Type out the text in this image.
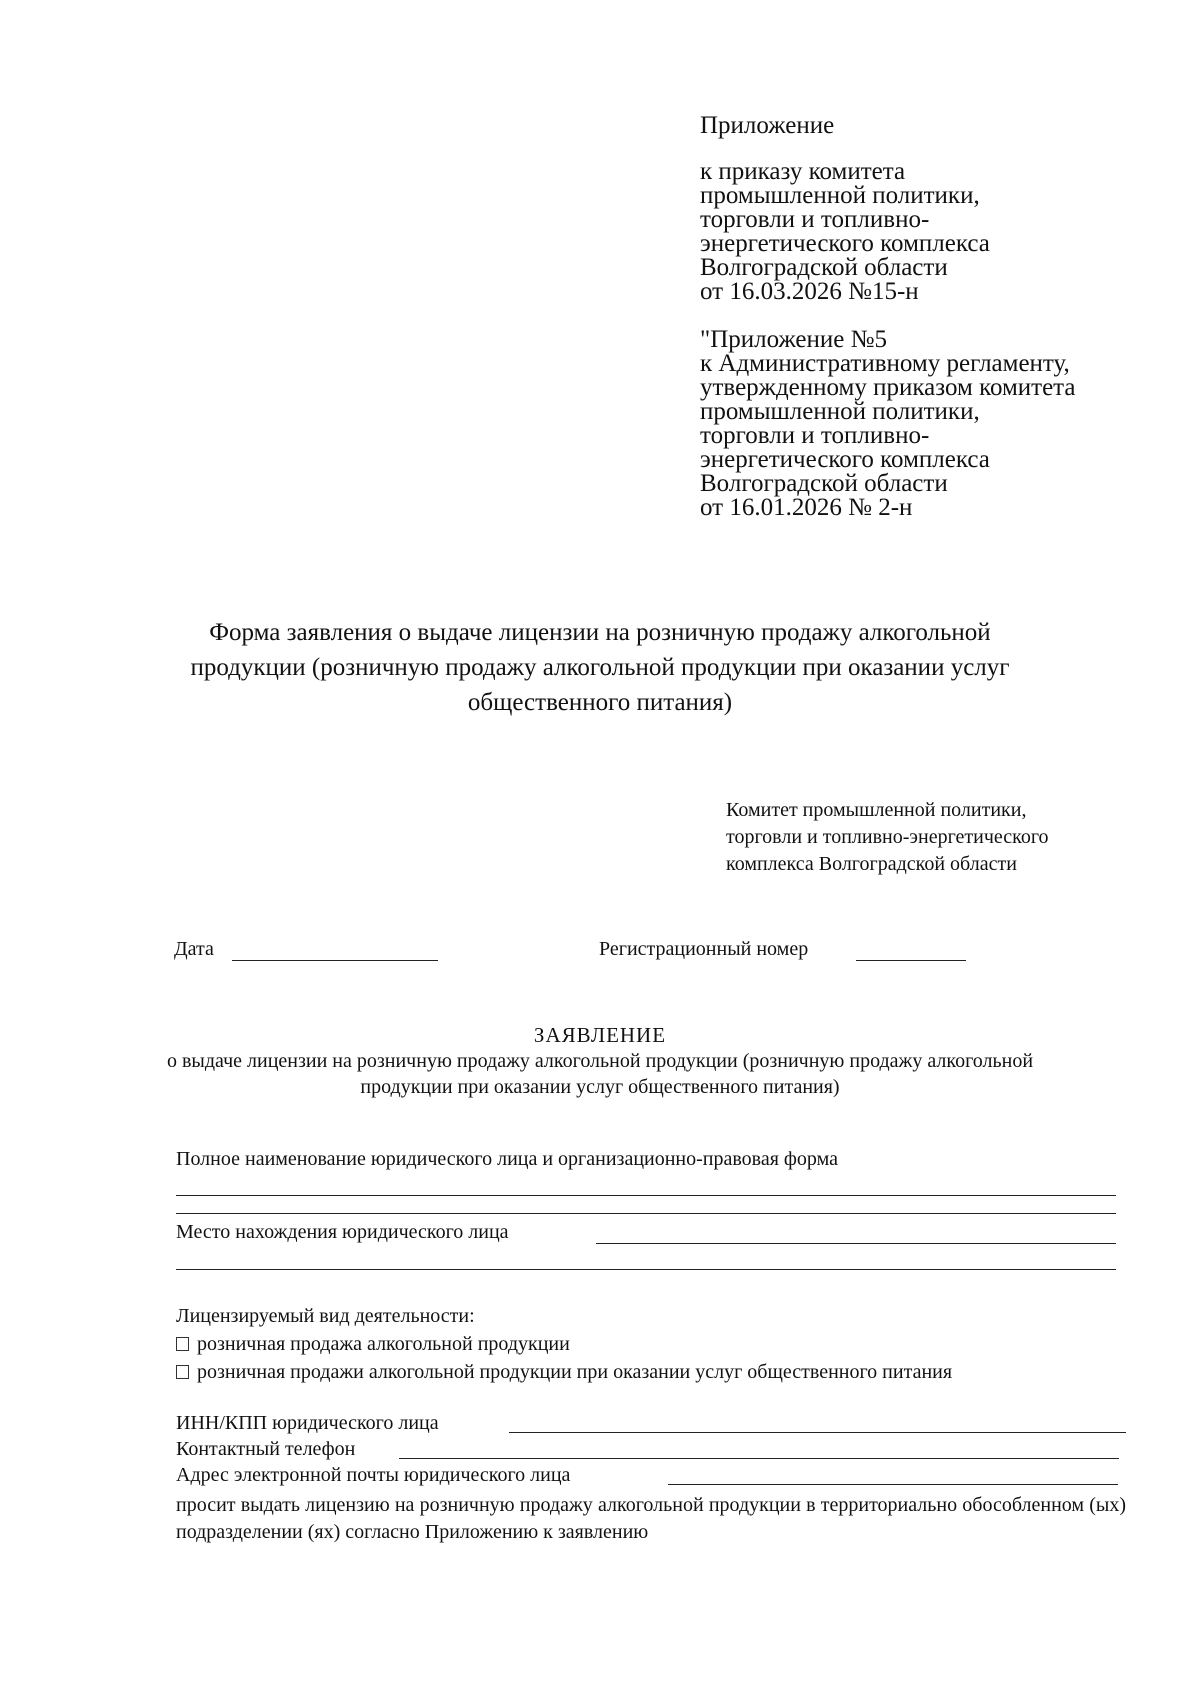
Приложение
к приказу комитета
промышленной политики,
торговли и топливно-
энергетического комплекса
Волгоградской области
от 16.03.2026 №15-н
"Приложение №5
к Административному регламенту,
утвержденному приказом комитета
промышленной политики,
торговли и топливно-
энергетического комплекса
Волгоградской области
от 16.01.2026 № 2-н
Форма заявления о выдаче лицензии на розничную продажу алкогольной продукции (розничную продажу алкогольной продукции при оказании услуг общественного питания)
Комитет промышленной политики,
торговли и топливно-энергетического
комплекса Волгоградской области
Дата	Регистрационный номер
ЗАЯВЛЕНИЕ
о выдаче лицензии на розничную продажу алкогольной продукции (розничную продажу алкогольной продукции при оказании услуг общественного питания)
Полное наименование юридического лица и организационно-правовая форма
Место нахождения юридического лица
Лицензируемый вид деятельности:
розничная продажа алкогольной продукции
розничная продажи алкогольной продукции при оказании услуг общественного питания
ИНН/КПП юридического лица
Контактный телефон
Адрес электронной почты юридического лица
просит выдать лицензию на розничную продажу алкогольной продукции в территориально обособленном (ых) подразделении (ях) согласно Приложению к заявлению
